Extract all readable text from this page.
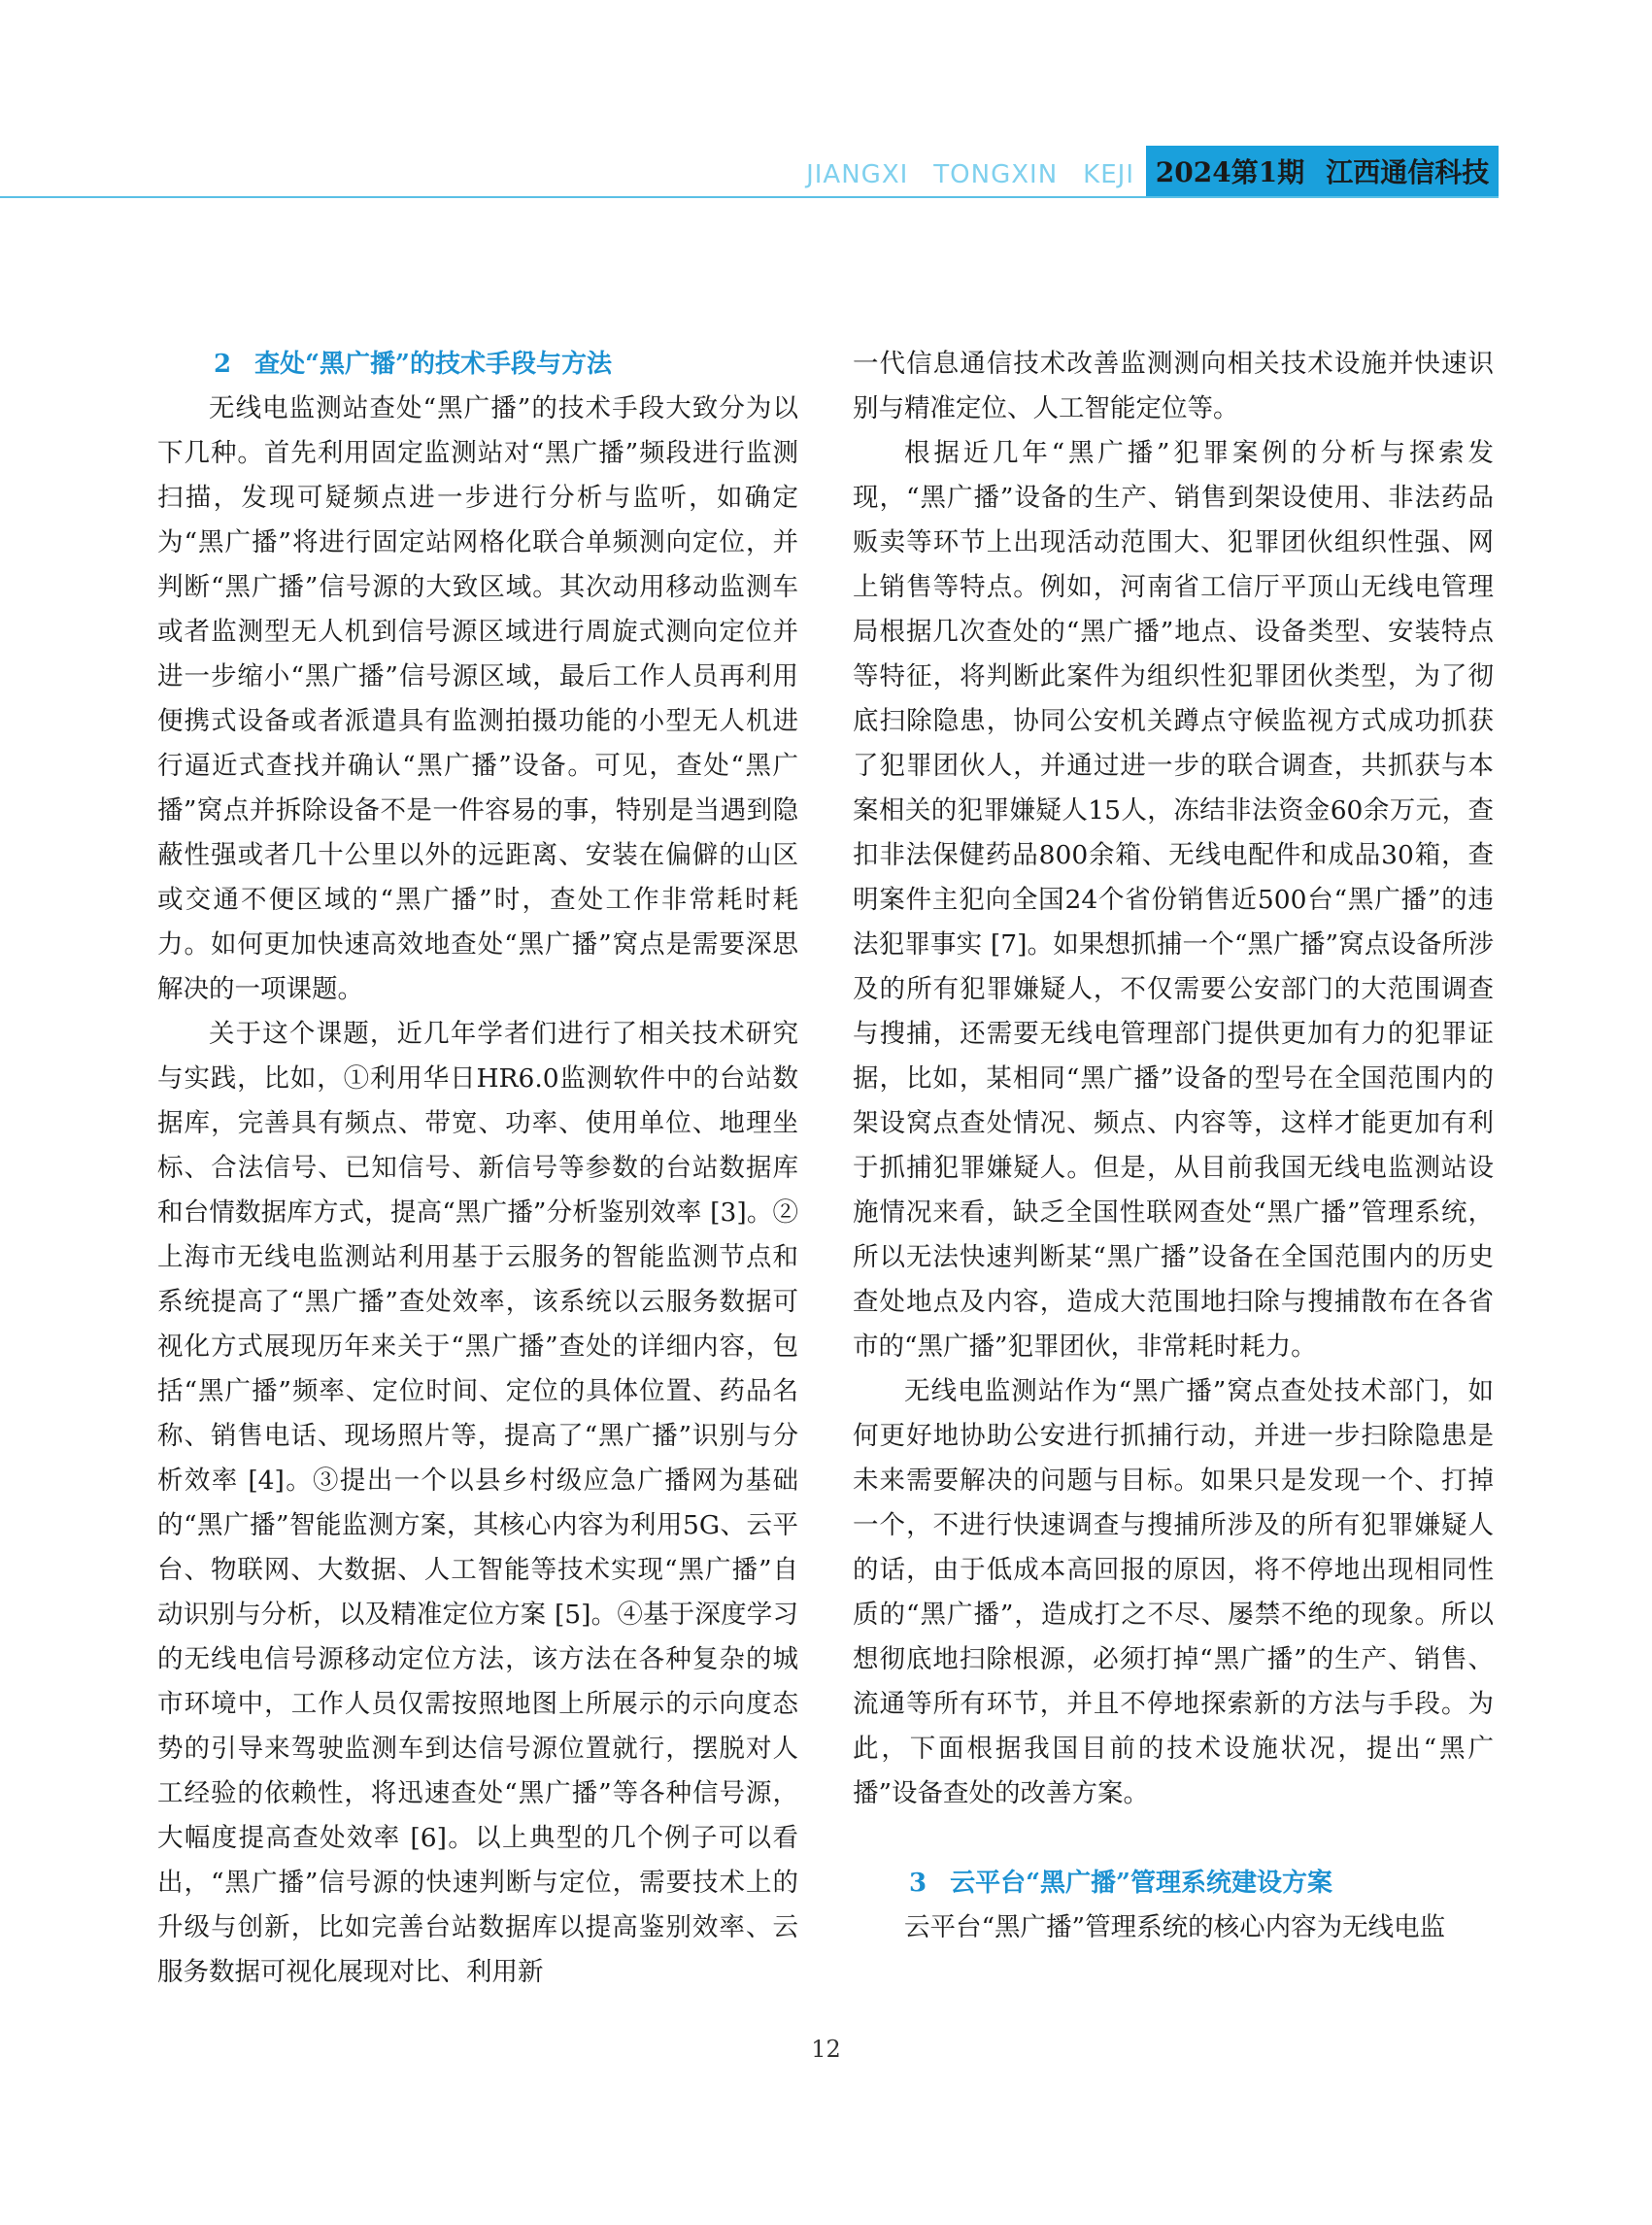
JIANGXI TONGXIN KEJI 2024第1期 江西通信科技
2 查处“黑广播”的技术手段与方法

无线电监测站查处“黑广播”的技术手段大致分为以下几种。首先利用固定监测站对“黑广播”频段进行监测扫描，发现可疑频点进一步进行分析与监听，如确定为“黑广播”将进行固定站网格化联合单频测向定位，并判断“黑广播”信号源的大致区域。其次动用移动监测车或者监测型无人机到信号源区域进行周旋式测向定位并进一步缩小“黑广播”信号源区域，最后工作人员再利用便携式设备或者派遣具有监测拍摄功能的小型无人机进行逼近式查找并确认“黑广播”设备。可见，查处“黑广播”窝点并拆除设备不是一件容易的事，特别是当遇到隐蔽性强或者几十公里以外的远距离、安装在偏僻的山区或交通不便区域的“黑广播”时，查处工作非常耗时耗力。如何更加快速高效地查处“黑广播”窝点是需要深思解决的一项课题。

关于这个课题，近几年学者们进行了相关技术研究与实践，比如，①利用华日HR6.0监测软件中的台站数据库，完善具有频点、带宽、功率、使用单位、地理坐标、合法信号、已知信号、新信号等参数的台站数据库和台情数据库方式，提高“黑广播”分析鉴别效率 [3]。②上海市无线电监测站利用基于云服务的智能监测节点和系统提高了“黑广播”查处效率，该系统以云服务数据可视化方式展现历年来关于“黑广播”查处的详细内容，包括“黑广播”频率、定位时间、定位的具体位置、药品名称、销售电话、现场照片等，提高了“黑广播”识别与分析效率 [4]。③提出一个以县乡村级应急广播网为基础的“黑广播”智能监测方案，其核心内容为利用5G、云平台、物联网、大数据、人工智能等技术实现“黑广播”自动识别与分析，以及精准定位方案 [5]。④基于深度学习的无线电信号源移动定位方法，该方法在各种复杂的城市环境中，工作人员仅需按照地图上所展示的示向度态势的引导来驾驶监测车到达信号源位置就行，摆脱对人工经验的依赖性，将迅速查处“黑广播”等各种信号源，大幅度提高查处效率 [6]。以上典型的几个例子可以看出，“黑广播”信号源的快速判断与定位，需要技术上的升级与创新，比如完善台站数据库以提高鉴别效率、云服务数据可视化展现对比、利用新

一代信息通信技术改善监测测向相关技术设施并快速识别与精准定位、人工智能定位等。

根据近几年“黑广播”犯罪案例的分析与探索发现，“黑广播”设备的生产、销售到架设使用、非法药品贩卖等环节上出现活动范围大、犯罪团伙组织性强、网上销售等特点。例如，河南省工信厅平顶山无线电管理局根据几次查处的“黑广播”地点、设备类型、安装特点等特征，将判断此案件为组织性犯罪团伙类型，为了彻底扫除隐患，协同公安机关蹲点守候监视方式成功抓获了犯罪团伙人，并通过进一步的联合调查，共抓获与本案相关的犯罪嫌疑人15人，冻结非法资金60余万元，查扣非法保健药品800余箱、无线电配件和成品30箱，查明案件主犯向全国24个省份销售近500台“黑广播”的违法犯罪事实 [7]。如果想抓捕一个“黑广播”窝点设备所涉及的所有犯罪嫌疑人，不仅需要公安部门的大范围调查与搜捕，还需要无线电管理部门提供更加有力的犯罪证据，比如，某相同“黑广播”设备的型号在全国范围内的架设窝点查处情况、频点、内容等，这样才能更加有利于抓捕犯罪嫌疑人。但是，从目前我国无线电监测站设施情况来看，缺乏全国性联网查处“黑广播”管理系统，所以无法快速判断某“黑广播”设备在全国范围内的历史查处地点及内容，造成大范围地扫除与搜捕散布在各省市的“黑广播”犯罪团伙，非常耗时耗力。

无线电监测站作为“黑广播”窝点查处技术部门，如何更好地协助公安进行抓捕行动，并进一步扫除隐患是未来需要解决的问题与目标。如果只是发现一个、打掉一个，不进行快速调查与搜捕所涉及的所有犯罪嫌疑人的话，由于低成本高回报的原因，将不停地出现相同性质的“黑广播”，造成打之不尽、屡禁不绝的现象。所以想彻底地扫除根源，必须打掉“黑广播”的生产、销售、流通等所有环节，并且不停地探索新的方法与手段。为此，下面根据我国目前的技术设施状况，提出“黑广播”设备查处的改善方案。

3 云平台“黑广播”管理系统建设方案

云平台“黑广播”管理系统的核心内容为无线电监

12
